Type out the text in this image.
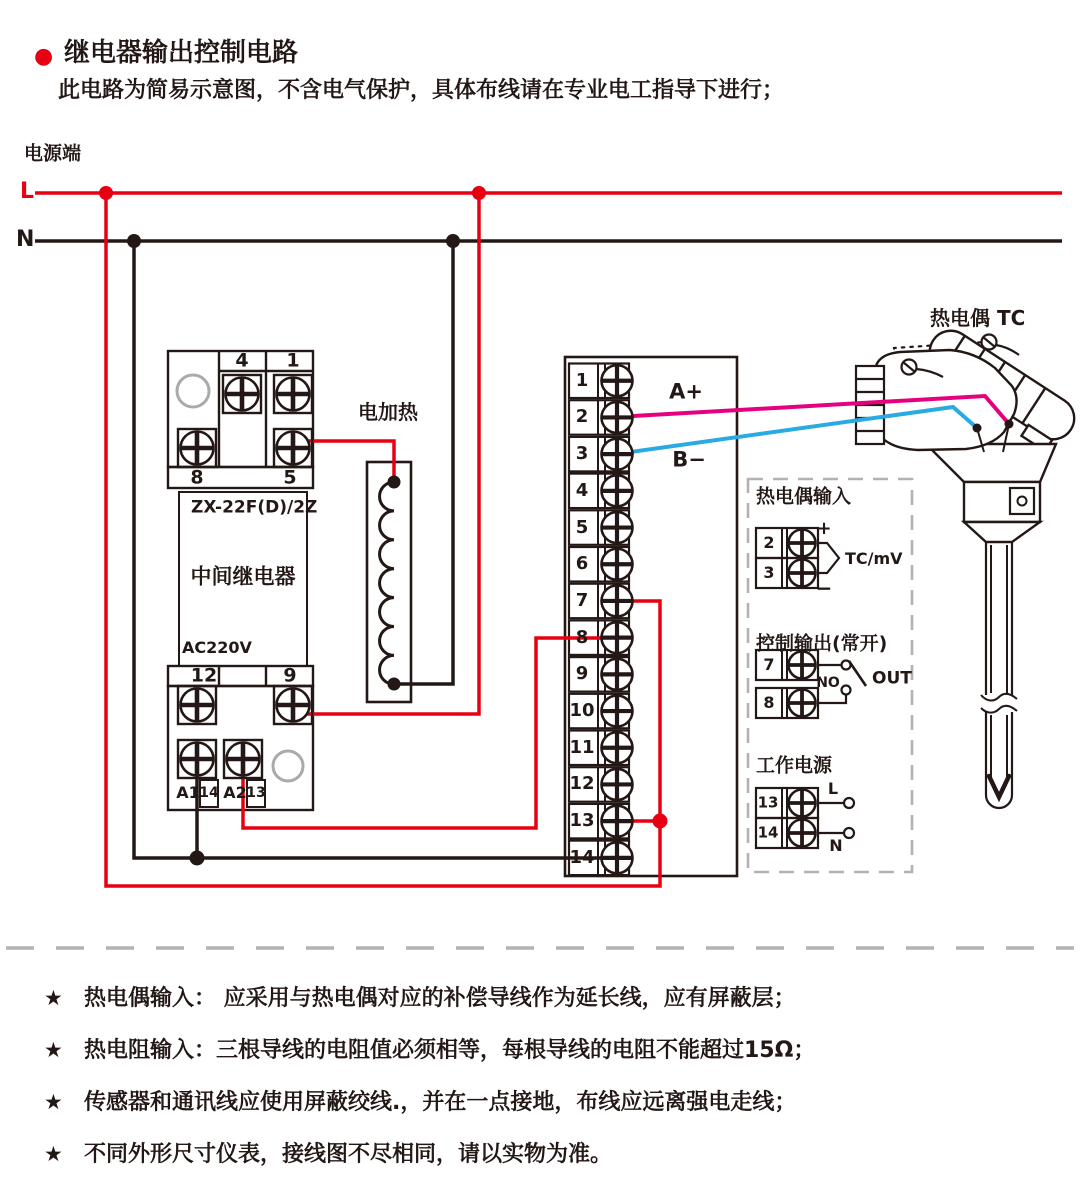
● 继电器输出控制电路
此电路为简易示意图，不含电气保护，具体布线请在专业电工指导下进行；
电源端
L
N
电加热
4 1
8	5
ZX-22F(D)/2Z
中间继电器
AC220V
12	9
A1 14 A2 13
A+
B−
热电偶 TC
热电偶输入
2
3
+
−
TC/mV
控制输出(常开)
7
8
NO OUT
工作电源
13
14
L
N
1
2
3
4
5
6
7
8
9
10
11
12
13
14
★ 热电偶输入： 应采用与热电偶对应的补偿导线作为延长线，应有屏蔽层；
★ 热电阻输入：三根导线的电阻值必须相等，每根导线的电阻不能超过15Ω；
★ 传感器和通讯线应使用屏蔽绞线.，并在一点接地，布线应远离强电走线；
★ 不同外形尺寸仪表，接线图不尽相同，请以实物为准。
